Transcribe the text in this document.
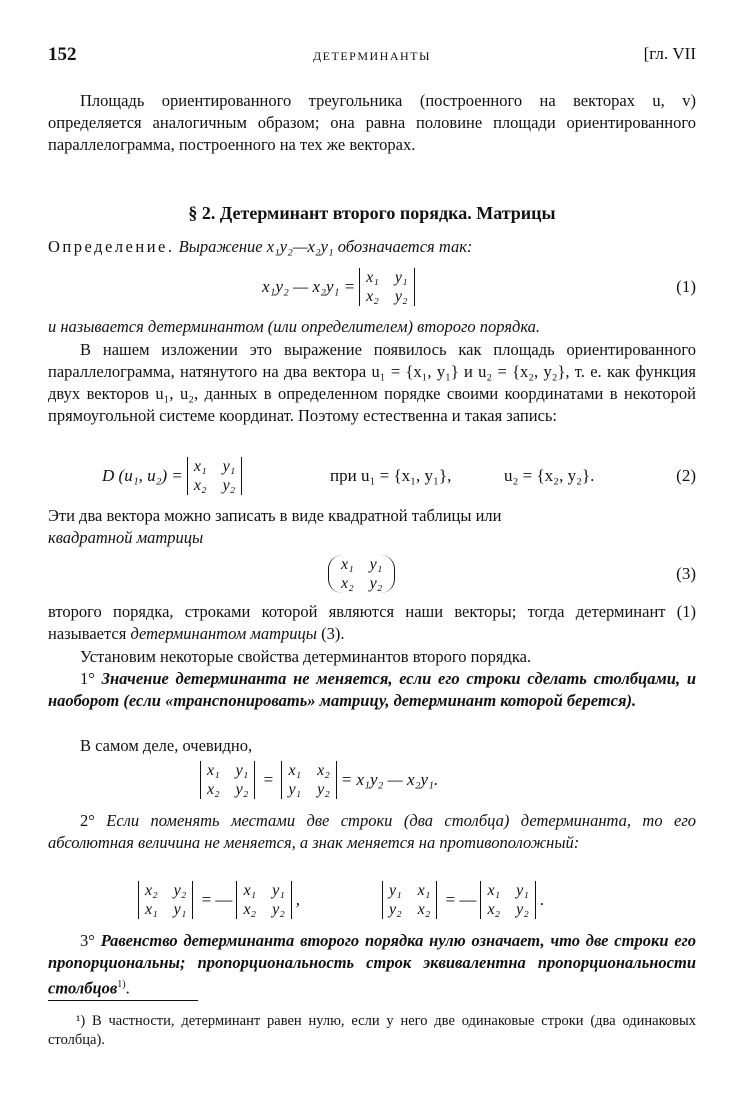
152	ДЕТЕРМИНАНТЫ	[гл. VII
Площадь ориентированного треугольника (построенного на векторах u, v) определяется аналогичным образом; она равна половине площади ориентированного параллелограмма, построенного на тех же векторах.
§ 2. Детерминант второго порядка. Матрицы
Определение. Выражение x₁y₂—x₂y₁ обозначается так:
x₁y₂ — x₂y₁ = x₁ y₁
x₂ y₂
(1)
и называется детерминантом (или определителем) второго порядка.
В нашем изложении это выражение появилось как площадь ориентированного параллелограмма, натянутого на два вектора u₁ = {x₁, y₁} и u₂ = {x₂, y₂}, т. е. как функция двух векторов u₁, u₂, данных в определенном порядке своими координатами в некоторой прямоугольной системе координат. Поэтому естественна и такая запись:
D (u₁, u₂) = x₁ y₁
x₂ y₂
при u₁ = {x₁, y₁},	u₂ = {x₂, y₂}.	(2)
Эти два вектора можно записать в виде квадратной таблицы или
квадратной матрицы
x₁ y₁
x₂ y₂
(3)
второго порядка, строками которой являются наши векторы; тогда детерминант (1) называется детерминантом матрицы (3).
Установим некоторые свойства детерминантов второго порядка.
1° Значение детерминанта не меняется, если его строки сделать столбцами, и наоборот (если «транспонировать» матрицу, детерминант которой берется).
В самом деле, очевидно,
x₁ y₁
x₂ y₂
= x₁ x₂
y₁ y₂
= x₁y₂ — x₂y₁.
2° Если поменять местами две строки (два столбца) детерминанта, то его абсолютная величина не меняется, а знак меняется на противоположный:
x₂ y₂
x₁ y₁
= — x₁ y₁
x₂ y₂
,	y₁ x₁
y₂ x₂
= — x₁ y₁
x₂ y₂
.
3° Равенство детерминанта второго порядка нулю означает, что две строки его пропорциональны; пропорциональность строк эквивалентна пропорциональности столбцов$^{1)}$.
¹) В частности, детерминант равен нулю, если у него две одинаковые строки (два одинаковых столбца).
